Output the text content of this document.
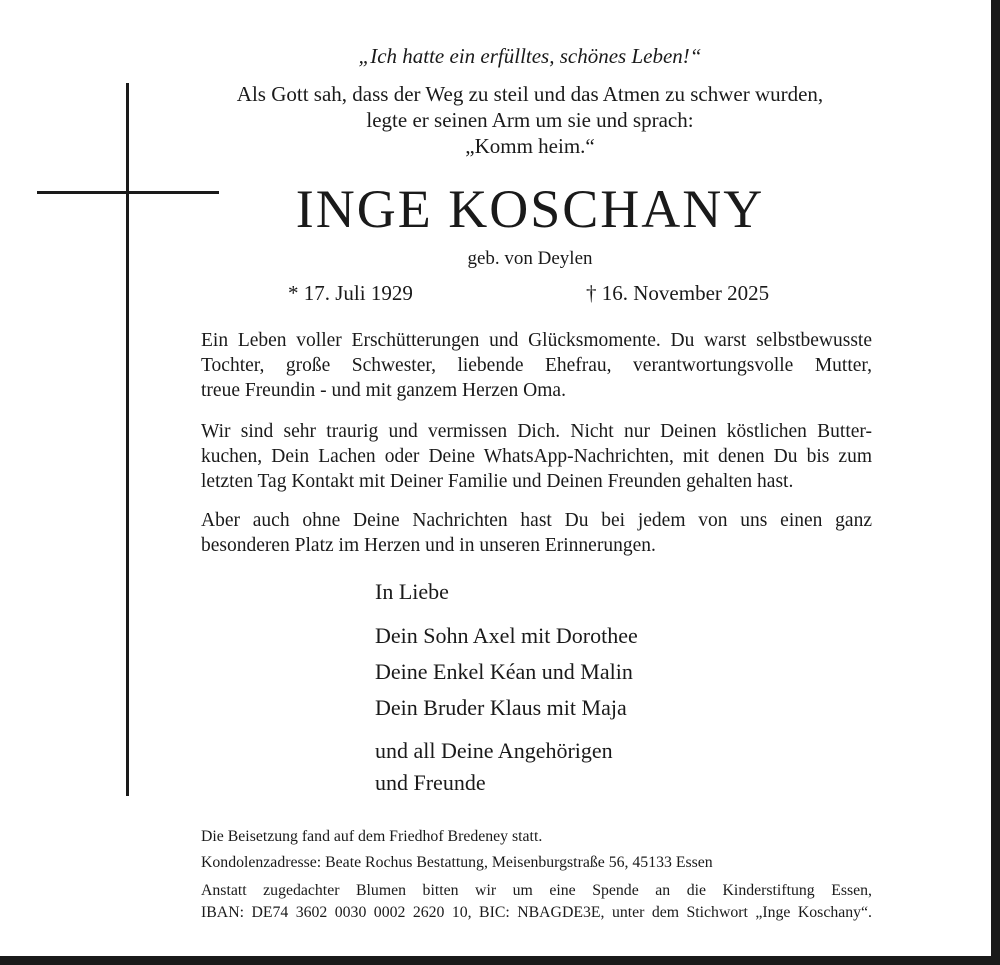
„Ich hatte ein erfülltes, schönes Leben!“
Als Gott sah, dass der Weg zu steil und das Atmen zu schwer wurden,
legte er seinen Arm um sie und sprach:
„Komm heim.“
INGE KOSCHANY
geb. von Deylen
* 17. Juli 1929	† 16. November 2025
Ein Leben voller Erschütterungen und Glücksmomente. Du warst selbstbewusste
Tochter, große Schwester, liebende Ehefrau, verantwortungsvolle Mutter,
treue Freundin - und mit ganzem Herzen Oma.
Wir sind sehr traurig und vermissen Dich. Nicht nur Deinen köstlichen Butter-
kuchen, Dein Lachen oder Deine WhatsApp-Nachrichten, mit denen Du bis zum
letzten Tag Kontakt mit Deiner Familie und Deinen Freunden gehalten hast.
Aber auch ohne Deine Nachrichten hast Du bei jedem von uns einen ganz
besonderen Platz im Herzen und in unseren Erinnerungen.
In Liebe
Dein Sohn Axel mit Dorothee
Deine Enkel Kéan und Malin
Dein Bruder Klaus mit Maja
und all Deine Angehörigen
und Freunde
Die Beisetzung fand auf dem Friedhof Bredeney statt.
Kondolenzadresse: Beate Rochus Bestattung, Meisenburgstraße 56, 45133 Essen
Anstatt zugedachter Blumen bitten wir um eine Spende an die Kinderstiftung Essen,
IBAN: DE74 3602 0030 0002 2620 10, BIC: NBAGDE3E, unter dem Stichwort „Inge Koschany“.
